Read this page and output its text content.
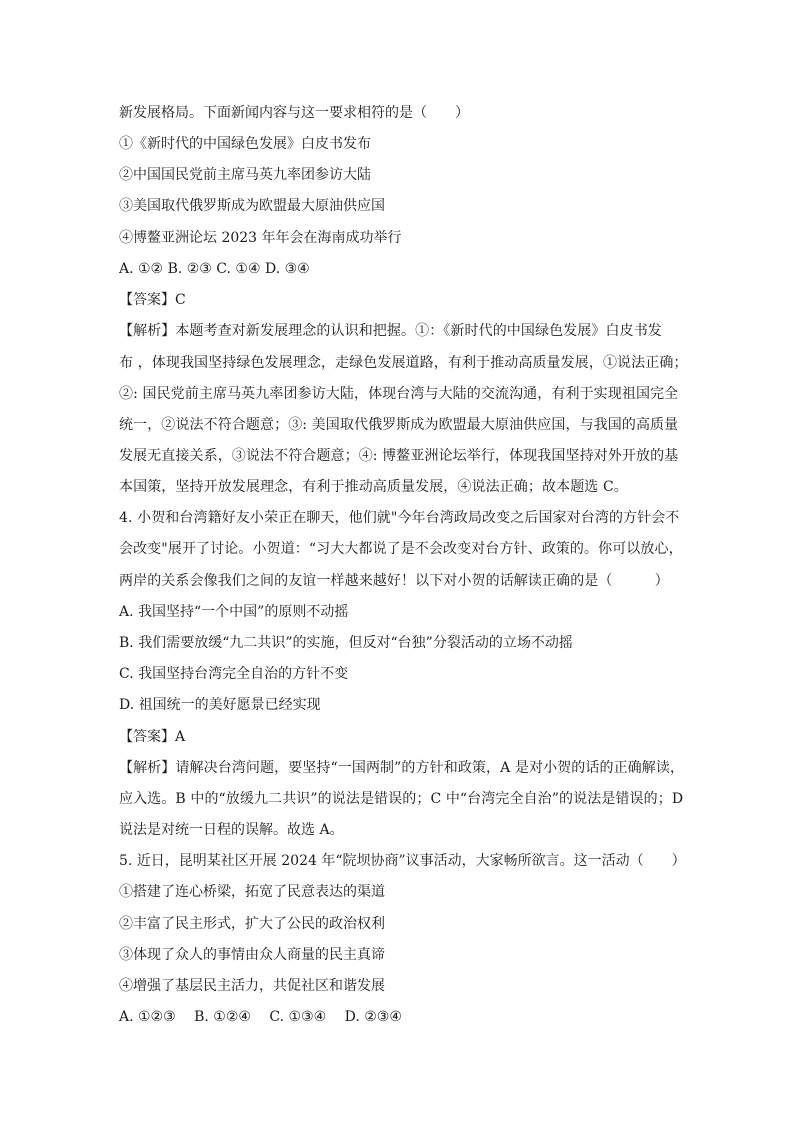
新发展格局。下面新闻内容与这一要求相符的是（　　）
①《新时代的中国绿色发展》白皮书发布
②中国国民党前主席马英九率团参访大陆
③美国取代俄罗斯成为欧盟最大原油供应国
④博鳌亚洲论坛 2023 年年会在海南成功举行
A. ①② B. ②③ C. ①④ D. ③④
【答案】C
【解析】本题考查对新发展理念的认识和把握。①：《新时代的中国绿色发展》白皮书发
布 ，体现我国坚持绿色发展理念，走绿色发展道路，有利于推动高质量发展，①说法正确；
②: 国民党前主席马英九率团参访大陆，体现台湾与大陆的交流沟通，有利于实现祖国完全
统一，②说法不符合题意；③: 美国取代俄罗斯成为欧盟最大原油供应国，与我国的高质量
发展无直接关系，③说法不符合题意；④: 博鳌亚洲论坛举行，体现我国坚持对外开放的基
本国策，坚持开放发展理念，有利于推动高质量发展，④说法正确；故本题选 C。
4. 小贺和台湾籍好友小荣正在聊天，他们就"今年台湾政局改变之后国家对台湾的方针会不
会改变"展开了讨论。小贺道：“习大大都说了是不会改变对台方针、政策的。你可以放心，
两岸的关系会像我们之间的友谊一样越来越好！以下对小贺的话解读正确的是（　　　）
A. 我国坚持“一个中国”的原则不动摇
B. 我们需要放缓“九二共识”的实施，但反对“台独”分裂活动的立场不动摇
C. 我国坚持台湾完全自治的方针不变
D. 祖国统一的美好愿景已经实现
【答案】A
【解析】请解决台湾问题，要坚持“一国两制”的方针和政策，A 是对小贺的话的正确解读，
应入选。B 中的“放缓九二共识”的说法是错误的；C 中“台湾完全自治”的说法是错误的；D
说法是对统一日程的误解。故选 A。
5. 近日，昆明某社区开展 2024 年“院坝协商”议事活动，大家畅所欲言。这一活动（　　）
①搭建了连心桥梁，拓宽了民意表达的渠道
②丰富了民主形式，扩大了公民的政治权利
③体现了众人的事情由众人商量的民主真谛
④增强了基层民主活力，共促社区和谐发展
A. ①②③　 B. ①②④　 C. ①③④　 D. ②③④
